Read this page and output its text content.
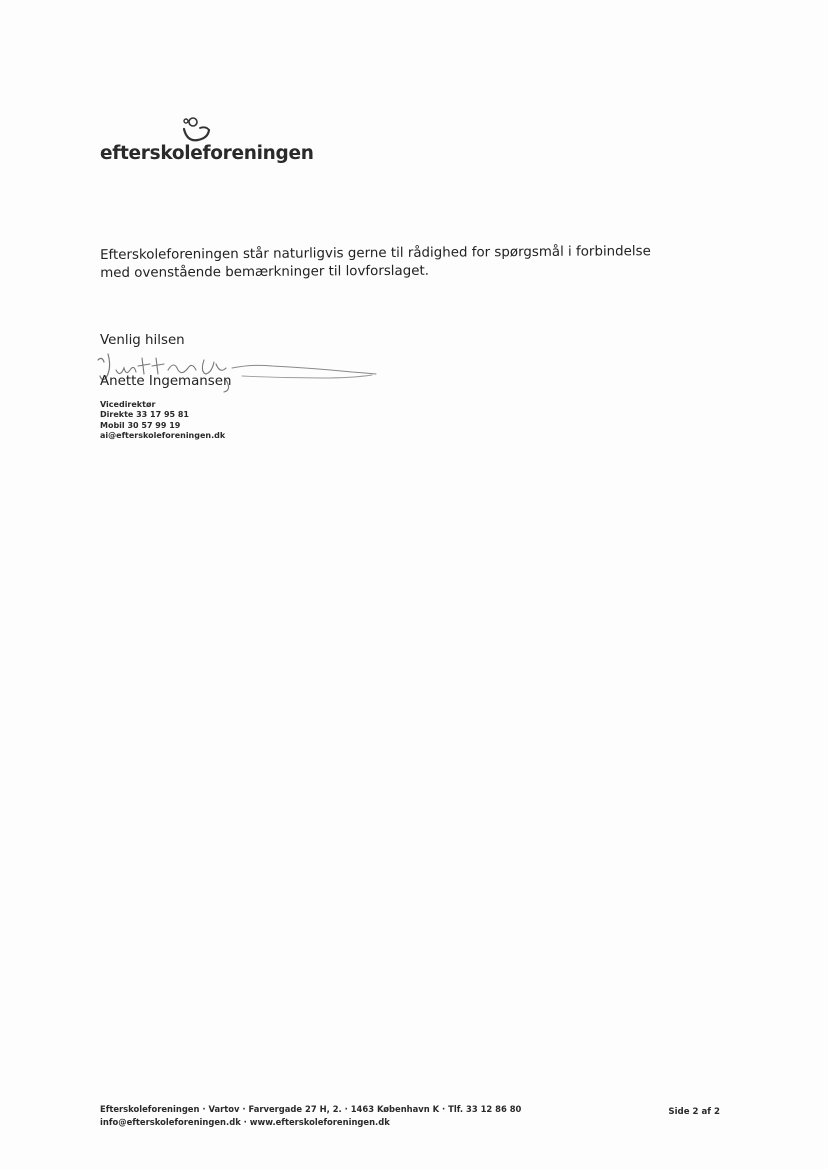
efterskoleforeningen
Efterskoleforeningen står naturligvis gerne til rådighed for spørgsmål i forbindelse
med ovenstående bemærkninger til lovforslaget.
Venlig hilsen
Anette Ingemansen
Vicedirektør
Direkte 33 17 95 81
Mobil 30 57 99 19
ai@efterskoleforeningen.dk
Efterskoleforeningen · Vartov · Farvergade 27 H, 2. · 1463 København K · Tlf. 33 12 86 80
info@efterskoleforeningen.dk · www.efterskoleforeningen.dk
Side 2 af 2
